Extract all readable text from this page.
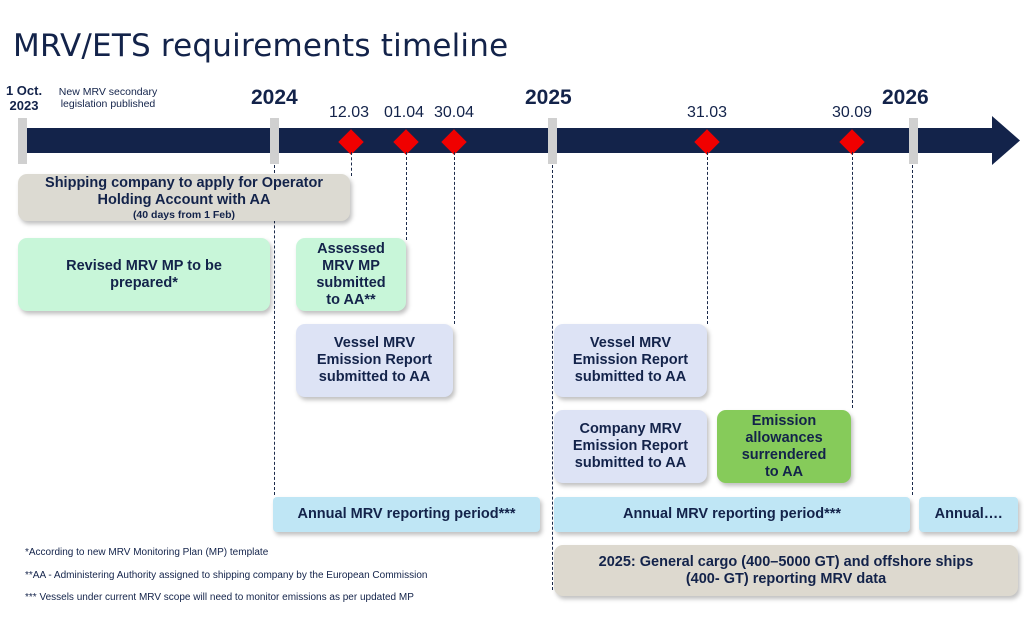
MRV/ETS requirements timeline
1 Oct.
2023
New MRV secondary
legislation published	2024	2025	2026
12.03 01.04 30.04	31.03	30.09
Shipping company to apply for Operator Holding Account with AA
(40 days from 1 Feb)
Revised MRV MP to be prepared*
Assessed MRV MP submitted to AA**
Vessel MRV Emission Report submitted to AA
Vessel MRV Emission Report submitted to AA
Company MRV Emission Report submitted to AA
Emission allowances surrendered to AA
Annual MRV reporting period***	Annual MRV reporting period***	Annual….
2025: General cargo (400–5000 GT) and offshore ships (400- GT) reporting MRV data
*According to new MRV Monitoring Plan (MP) template
**AA - Administering Authority assigned to shipping company by the European Commission
*** Vessels under current MRV scope will need to monitor emissions as per updated MP
